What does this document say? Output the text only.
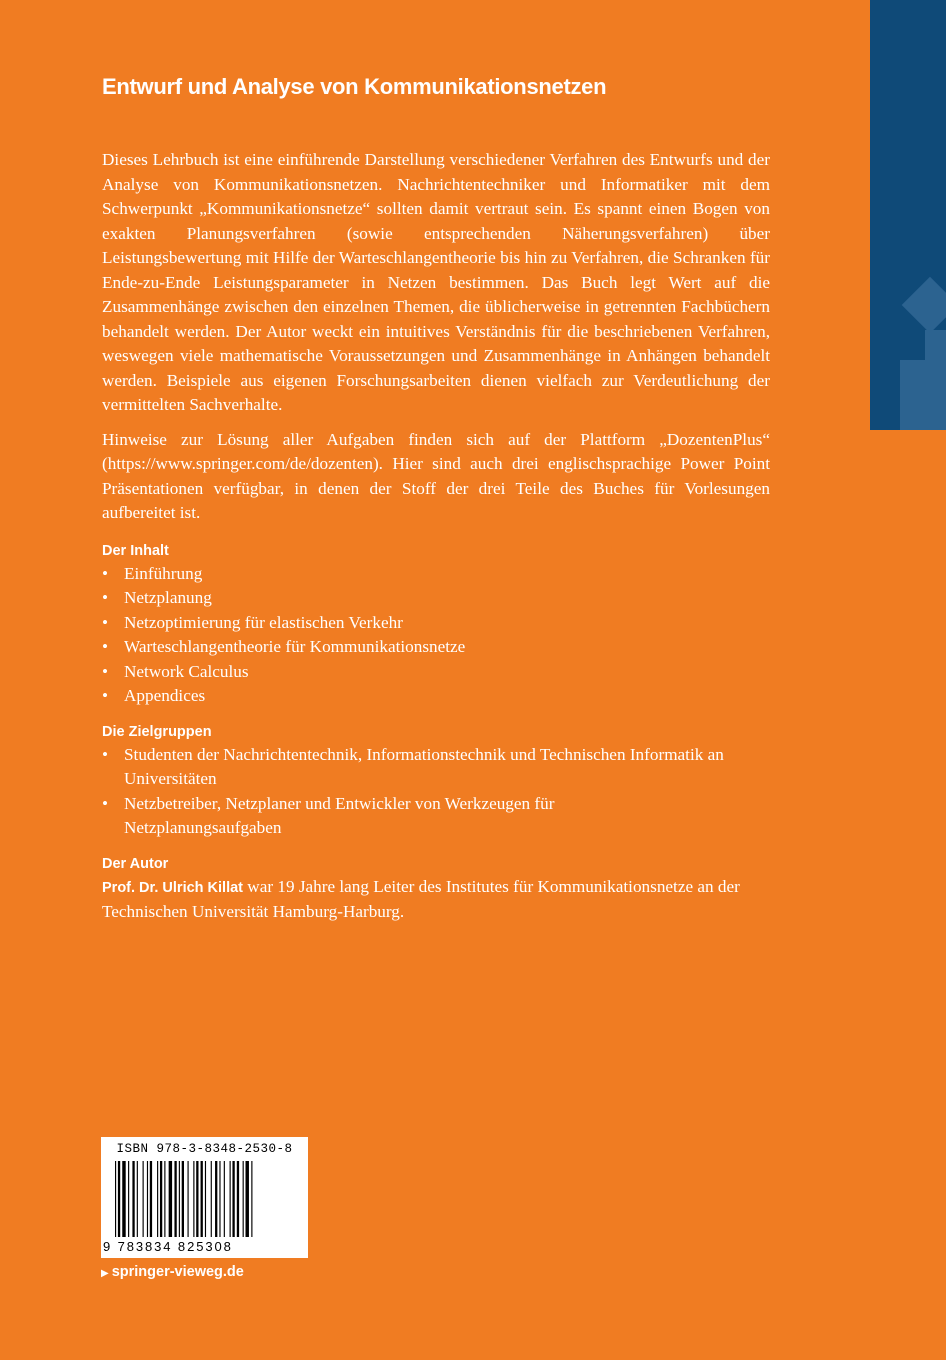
Entwurf und Analyse von Kommunikationsnetzen

Dieses Lehrbuch ist eine einführende Darstellung verschiedener Verfahren des Entwurfs und der Analyse von Kommunikationsnetzen. Nachrichtentechniker und Informatiker mit dem Schwerpunkt „Kommunikationsnetze“ sollten damit vertraut sein. Es spannt einen Bogen von exakten Planungsverfahren (sowie entsprechenden Näherungsverfahren) über Leistungsbewertung mit Hilfe der Warteschlangentheorie bis hin zu Verfahren, die Schranken für Ende-zu-Ende Leistungsparameter in Netzen bestimmen. Das Buch legt Wert auf die Zusammenhänge zwischen den einzelnen Themen, die üblicherweise in getrennten Fachbüchern behandelt werden. Der Autor weckt ein intuitives Verständnis für die beschriebenen Verfahren, weswegen viele mathematische Voraussetzungen und Zusammenhänge in Anhängen behandelt werden. Beispiele aus eigenen Forschungsarbeiten dienen vielfach zur Verdeutlichung der vermittelten Sachverhalte.

Hinweise zur Lösung aller Aufgaben finden sich auf der Plattform „DozentenPlus“ (https://www.springer.com/de/dozenten). Hier sind auch drei englischsprachige Power Point Präsentationen verfügbar, in denen der Stoff der drei Teile des Buches für Vorlesungen aufbereitet ist.

Der Inhalt
• Einführung
• Netzplanung
• Netzoptimierung für elastischen Verkehr
• Warteschlangentheorie für Kommunikationsnetze
• Network Calculus
• Appendices
Die Zielgruppen
• Studenten der Nachrichtentechnik, Informationstechnik und Technischen Informatik an Universitäten
• Netzbetreiber, Netzplaner und Entwickler von Werkzeugen für Netzplanungsaufgaben
Der Autor

Prof. Dr. Ulrich Killat war 19 Jahre lang Leiter des Institutes für Kommunikationsnetze an der Technischen Universität Hamburg-Harburg.

ISBN 978-3-8348-2530-8
9 783834 825308
▶ springer-vieweg.de
